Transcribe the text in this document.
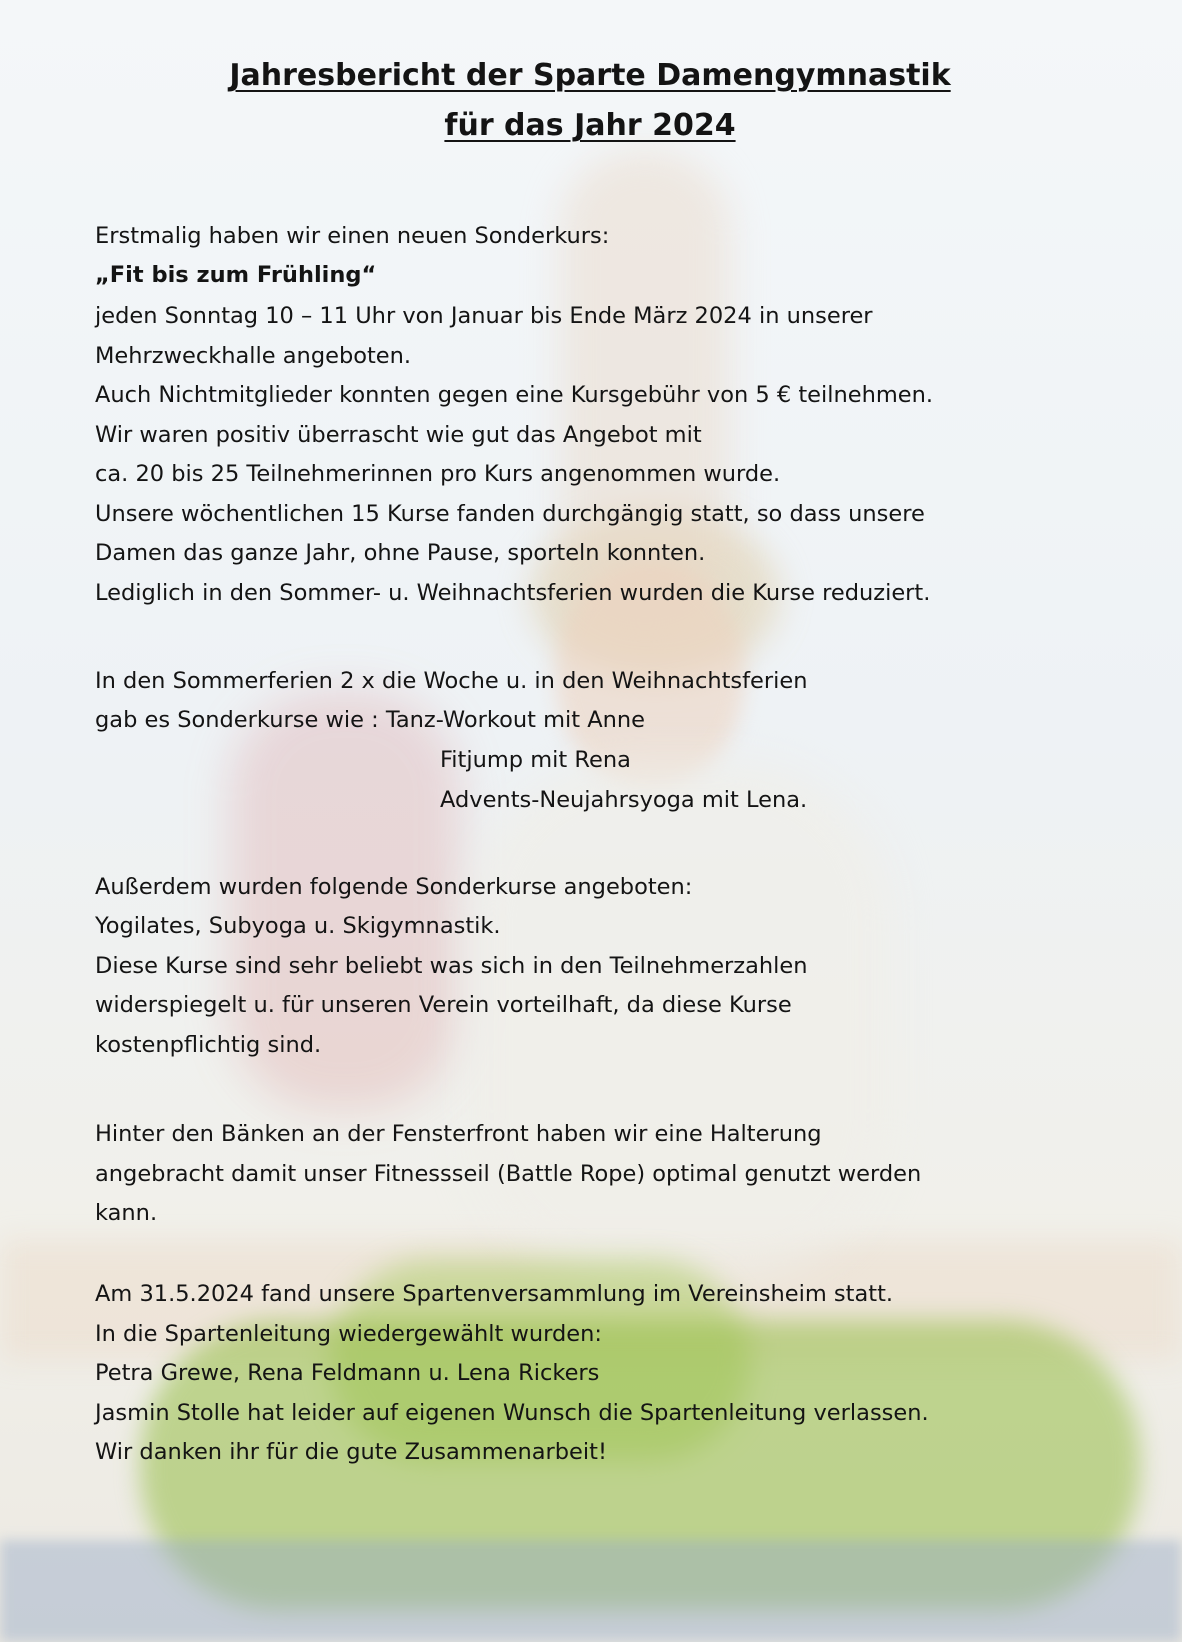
Jahresbericht der Sparte Damengymnastik
für das Jahr 2024
Erstmalig haben wir einen neuen Sonderkurs:
„Fit bis zum Frühling“
jeden Sonntag 10 – 11 Uhr von Januar bis Ende März 2024 in unserer
Mehrzweckhalle angeboten.
Auch Nichtmitglieder konnten gegen eine Kursgebühr von 5 € teilnehmen.
Wir waren positiv überrascht wie gut das Angebot mit
ca. 20 bis 25 Teilnehmerinnen pro Kurs angenommen wurde.
Unsere wöchentlichen 15 Kurse fanden durchgängig statt, so dass unsere
Damen das ganze Jahr, ohne Pause, sporteln konnten.
Lediglich in den Sommer- u. Weihnachtsferien wurden die Kurse reduziert.
In den Sommerferien 2 x die Woche u. in den Weihnachtsferien
gab es Sonderkurse wie : Tanz-Workout mit Anne
Fitjump mit Rena
Advents-Neujahrsyoga mit Lena.
Außerdem wurden folgende Sonderkurse angeboten:
Yogilates, Subyoga u. Skigymnastik.
Diese Kurse sind sehr beliebt was sich in den Teilnehmerzahlen
widerspiegelt u. für unseren Verein vorteilhaft, da diese Kurse
kostenpflichtig sind.
Hinter den Bänken an der Fensterfront haben wir eine Halterung
angebracht damit unser Fitnessseil (Battle Rope) optimal genutzt werden
kann.
Am 31.5.2024 fand unsere Spartenversammlung im Vereinsheim statt.
In die Spartenleitung wiedergewählt wurden:
Petra Grewe, Rena Feldmann u. Lena Rickers
Jasmin Stolle hat leider auf eigenen Wunsch die Spartenleitung verlassen.
Wir danken ihr für die gute Zusammenarbeit!
